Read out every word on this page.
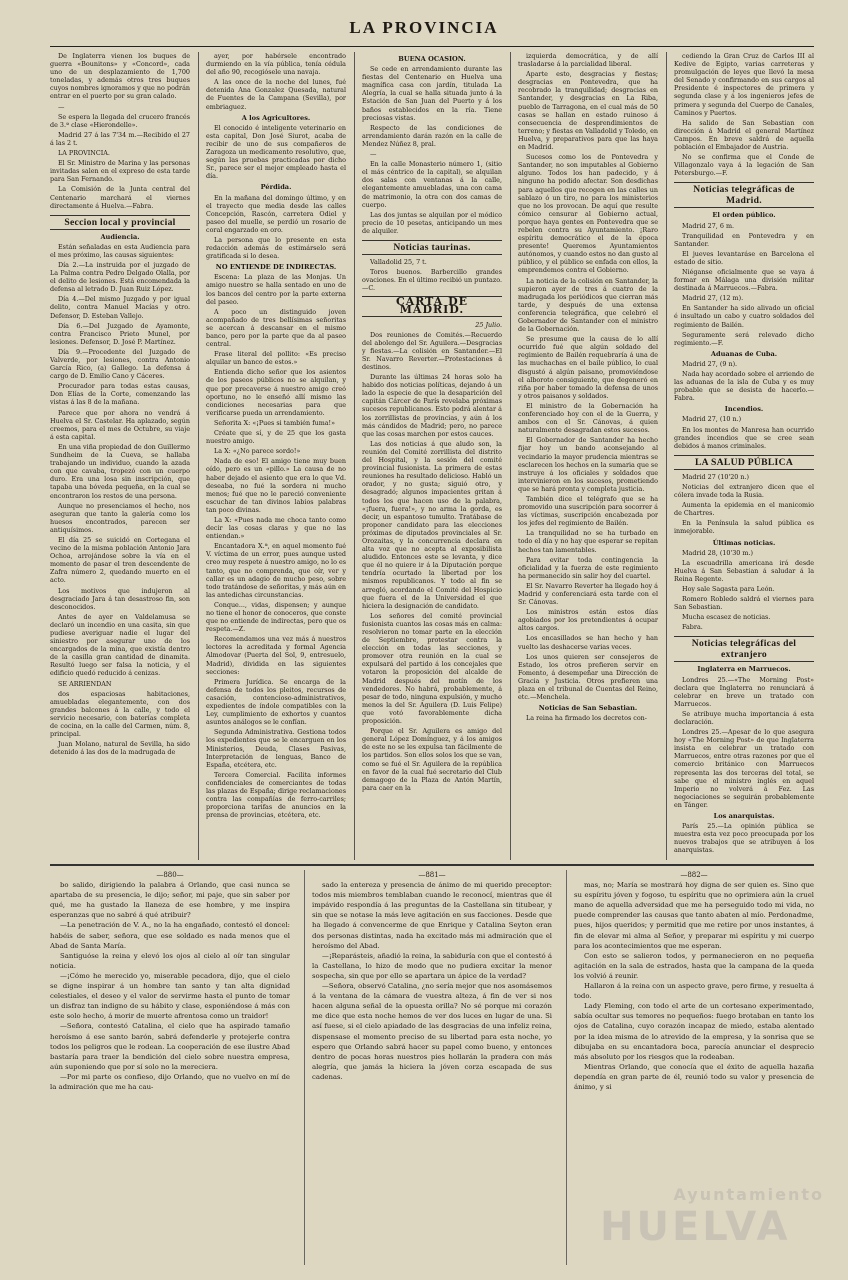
LA PROVINCIA

De Inglaterra vienen los buques de guerra «Bounitons» y «Concord», cada uno de un desplazamiento de 1,700 toneladas, y además otros tres buques cuyos nombres ignoramos y que no podrán entrar en el puerto por su gran calado.

—

Se espera la llegada del crucero francés de 3.ª clase «Hierondelle».

Madrid 27 á las 7'34 m.—Recibido el 27 á las 2 t.

LA PROVINCIA.

El Sr. Ministro de Marina y las personas invitadas salen en el expreso de esta tarde para San Fernando.

La Comisión de la Junta central del Centenario marchará el viernes directamente á Huelva.—Fabra.

Seccion local y provincial
Audiencia.

Están señaladas en esta Audiencia para el mes próximo, las causas siguientes:

Día 2.—La instruida por el juzgado de La Palma contra Pedro Delgado Olalla, por el delito de lesiones. Está encomendada la defensa al letrado D. Juan Ruiz López.

Día 4.—Del mismo Juzgado y por igual delito, contra Manuel Macías y otro. Defensor, D. Esteban Vallejo.

Día 6.—Del Juzgado de Ayamonte, contra Francisco Prieto Munel, por lesiones. Defensor, D. José P. Martínez.

Día 9.—Procedente del Juzgado de Valverde, por lesiones, contra Antonio García Rico, (a) Gallego. La defensa á cargo de D. Emilio Cano y Cáceres.

Procurador para todas estas causas, Don Elías de la Corte, comenzando las vistas á las 8 de la mañana.

Parece que por ahora no vendrá á Huelva el Sr. Castelar. Ha aplazado, según creemos, para el mes de Octubre, su viaje á esta capital.

En una viña propiedad de don Guillermo Sundheim de la Cueva, se hallaba trabajando un individuo, cuando la azada con que cavaba, tropezó con un cuerpo duro. Era una losa sin inscripción, que tapaba una bóveda pequeña, en la cual se encontraron los restos de una persona.

Aunque no presenciamos el hecho, nos aseguran que tanto la galería como los huesos encontrados, parecen ser antiquísimos.

El día 25 se suicidó en Cortegana el vecino de la misma población Antonio Jara Ochoa, arrojándose sobre la vía en el momento de pasar el tren descendente de Zafra número 2, quedando muerto en el acto.

Los motivos que indujeron al desgraciado Jara á tan desastroso fin, son desconocidos.

Antes de ayer en Valdelamusa se declaró un incendio en una casita, sin que pudiese averiguar nadie el lugar del siniestro por asegurar uno de los encargados de la mina, que existía dentro de la casilla gran cantidad de dinamita. Resultó luego ser falsa la noticia, y el edificio quedó reducido á cenizas.

SE ARRIENDAN

dos espaciosas habitaciones, amuebladas elegantemente, con dos grandes balcones á la calle, y todo el servicio necesario, con baterías completa de cocina, en la calle del Carmen, núm. 8, principal.

Juan Molano, natural de Sevilla, ha sido detenido á las dos de la madrugada de

ayer, por habérsele encontrado durmiendo en la vía pública, tenía cédula del año 90, recogiósele una navaja.

A las once de la noche del lunes, fué detenida Ana Gonzalez Quesada, natural de Fuentes de la Campana (Sevilla), por embriaguez.

A los Agricultores.

El conocido é inteligente veterinario en esta capital, Don José Siurot, acaba de recibir de uno de sus compañeros de Zaragoza un medicamento resolutivo, que, según las pruebas practicadas por dicho Sr., parece ser el mejor empleado hasta el día.

Pérdida.

En la mañana del domingo último, y en el trayecto que media desde las calles Concepción, Rascón, carretera Odiel y paseo del muelle, se perdió un rosario de coral engarzado en oro.

La persona que lo presente en esta redacción además de estimárselo será gratificada si lo desea.

NO ENTIENDE DE INDIRECTAS.

Escena: La plaza de las Monjas. Un amigo nuestro se halla sentado en uno de los bancos del centro por la parte externa del paseo.

A poco un distinguido joven acompañado de tres bellísimas señoritas se acercan á descansar en el mismo banco, pero por la parte que da al paseo central.

Frase literal del pollito: «Es preciso alquilar un banco de estos.»

Entienda dicho señor que los asientos de los paseos públicos no se alquilan, y que por precaverse á nuestro amigo creó oportuno, no le enseñó allí mismo las condiciones necesarias para que verificarse pueda un arrendamiento.

Señorita X: «¡Pues si también fuma!»

Créate que sí, y de 25 que los gasta nuestro amigo.

La X: «¿No parece sordo!»

Nada de eso! El amigo tiene muy buen oído, pero es un «pillo.» La causa de no haber dejado el asiento que era lo que Vd. deseaba, no fué la sordera ni mucho menos; fué que no le pareció conveniente escuchar de tan divinos labios palabras tan poco divinas.

La X: «Pues nada me choca tanto como decir las cosas claras y que no las entiendan.»

Encantadora X.ª, en aquel momento fué V. víctima de un error, pues aunque usted creo muy respete á nuestro amigo, no lo es tanto, que no comprenda, que oír, ver y callar es un adagio de mucho peso, sobre todo tratándose de señoritas, y más aún en las antedichas circunstancias.

Conque..., vidas, dispensen; y aunque no tiene el honor de conoceros, que conste que no entiende de indirectas, pero que os respeta.—Z.

Recomendamos una vez más á nuestros lectores la acreditada y formal Agencia Almodovar (Puerta del Sol, 9, entresuelo, Madrid), dividida en las siguientes secciones:

Primera Jurídica. Se encarga de la defensa de todos los pleitos, recursos de casación, contencioso-administrativos, expedientes de índole compatibles con la Ley, cumplimiento de exhortos y cuantos asuntos análogos se le confían.

Segunda Administrativa. Gestiona todos los expedientes que se le encarguen en los Ministerios, Deuda, Clases Pasivas, Interpretación de lenguas, Banco de España, etcétera, etc.

Tercera Comercial. Facilita informes confidenciales de comerciantes de todas las plazas de España; dirige reclamaciones contra las compañías de ferro-carriles; proporciona tarifas de anuncios en la prensa de provincias, etcétera, etc.

BUENA OCASION.

Se cede en arrendamiento durante las fiestas del Centenario en Huelva una magnífica casa con jardín, titulada La Alegría, la cual se halla situada junto á la Estación de San Juan del Puerto y á los baños establecidos en la ría. Tiene preciosas vistas.

Respecto de las condiciones de arrendamiento darán razón en la calle de Mendez Núñez 8, pral.

—

En la calle Monasterio número 1, (sitio el más céntrico de la capital), se alquilan dos salas con ventanas á la calle, elegantemente amuebladas, una con cama de matrimonio, la otra con dos camas de cuerpo.

Las dos juntas se alquilan por el módico precio de 10 pesetas, anticipando un mes de alquiler.

Noticias taurinas.

Valladolid 25, 7 t.

Toros buenos. Barbercillo grandes ovaciones. En el último recibió un puntazo.—C.

CARTA DE MADRID.

25 Julio.

Dos reuniones de Comités.—Recuerdo del abolengo del Sr. Aguilera.—Desgracias y fiestas.—La colisión en Santander.—El Sr. Navarro Reverter.—Protestaciones á destinos.

Durante las últimas 24 horas solo ha habido dos noticias políticas, dejando á un lado la especie de que la desaparición del capitán Cárcer de París revelaba próximas sucesos republicanos. Esto podrá alentar á los zorrillistas de provincias, y aún á los más cándidos de Madrid; pero, no parece que las cosas marchen por estos cauces.

Las dos noticias á que aludo son, la reunión del Comité zorrillista del distrito del Hospital, y la sesión del comité provincial fusionista. La primera de estas reuniones ha resultado delicioso. Habló un orador, y no gusta; siguió otro, y desagradó; algunos impacientes gritan á todos los que hacen uso de la palabra, «¡fuera, fuera!», y no arma la gorda, es decir, un espantoso tumulto. Tratábase de proponer candidato para las elecciones próximas de diputados provinciales al Sr. Orozaitas, y la concurrencia declara en alta voz que no acepta al exposibilista aludido. Entonces este se levanta, y dice que él no quiere ir á la Diputación porque tendría ocurtado la libertad por los mismos republicanos. Y todo al fin se arregló, acordando el Comité del Hospicio que fuera el de la Universidad el que hiciera la designación de candidato.

Los señores del comité provincial fusionista cuantos las cosas más en calma: resolvieron no tomar parte en la elección de Septiembre, protestar contra la elección en todas las secciones, y promover otra reunión en la cual se expulsará del partido á los concejales que votaron la proposición del alcalde de Madrid después del motín de los vendedores. No habrá, probablemente, á pesar de todo, ninguna expulsión, y mucho menos la del Sr. Aguilera (D. Luis Felipe) que votó favorablemente dicha proposición.

Porque el Sr. Aguilera es amigo del general López Domínguez, y á los amigos de este no se les expulsa tan fácilmente de los partidos. Son ellos solos los que se van, como se fué el Sr. Aguilera de la república en favor de la cual fué secretario del Club demagogo de la Plaza de Antón Martín, para caer en la

izquierda democrática, y de allí trasladarse á la parcialidad liberal.

Aparte esto, desgracias y fiestas; desgracias en Pontevedra, que ha recobrado la tranquilidad; desgracias en Santander, y desgracias en La Riba, pueblo de Tarragona, en el cual más de 50 casas se hallan en estado ruinoso á consecuencia de desprendimientos de terreno; y fiestas en Valladolid y Toledo, en Huelva, y preparativos para que las haya en Madrid.

Sucesos como los de Pontevedra y Santander, no son imputables al Gobierno alguno. Todos los han padecido, y á ninguno ha podido afectar. Son desdichas para aquellos que recogen en las calles un sablazo ó un tiro, no para los ministerios que no los provocan. De aquí que resulte cómico censurar al Gobierno actual, porque haya gentes en Pontevedra que se rebelen contra su Ayuntamiento. ¡Raro espíritu democrático el de la época presente! Queremos Ayuntamientos autónomos, y cuando estos no dan gusto al público, y el público se enfada con ellos, la emprendemos contra el Gobierno.

La noticia de la colisión en Santander, la supieron ayer de tres á cuatro de la madrugada los periódicos que cierran más tarde, y después de una extensa conferencia telegráfica, que celebró el Gobernador de Santander con el ministro de la Gobernación.

Se presume que la causa de lo allí ocurrido fué que algún soldado del regimiento de Bailén requebraría á una de las muchachas en el baile público, lo cual disgustó á algún paisano, promoviéndose el alboroto consiguiente, que degeneró en riña por haber tomado la defensa de unos y otros paisanos y soldados.

El ministro de la Gobernación ha conferenciado hoy con el de la Guerra, y ambos con el Sr. Cánovas, á quien naturalmente desagradan estos sucesos.

El Gobernador de Santander ha hecho fijar hoy un bando aconsejando al vecindario la mayor prudencia mientras se esclarecen los hechos en la sumaria que se instruye á los oficiales y soldados que intervinieron en los sucesos, prometiendo que se hará pronta y completa justicia.

También dice el telégrafo que se ha promovido una suscripción para socorrer á las víctimas, suscripción encabezada por los jefes del regimiento de Bailén.

La tranquilidad no se ha turbado en todo el día y no hay que esperar se repitan hechos tan lamentables.

Para evitar toda contingencia la oficialidad y la fuerza de este regimiento ha permanecido sin salir hoy del cuartel.

El Sr. Navarro Reverter ha llegado hoy á Madrid y conferenciará esta tarde con el Sr. Cánovas.

Los ministros están estos días agobiados por los pretendientes á ocupar altos cargos.

Los encasillados se han hecho y han vuelto las deshacerse varias veces.

Los unos quieren ser consejeros de Estado, los otros prefieren servir en Fomento, á desempeñar una Dirección de Gracia y Justicia. Otros prefieren una plaza en el tribunal de Cuentas del Reino, etc.—Menchela.

Noticias de San Sebastian.

La reina ha firmado los decretos con-

cediendo la Gran Cruz de Carlos III al Kedive de Egipto, varias carreteras y promulgación de leyes que llevó la mesa del Senado y confirmando en sus cargos al Presidente é inspectores de primera y segunda clase y á los ingenieros jefes de primera y segunda del Cuerpo de Canales, Caminos y Puertos.

Ha salido de San Sebastian con dirección á Madrid el general Martínez Campos. En breve saldrá de aquella población el Embajador de Austria.

No se confirma que el Conde de Villagonzalo vaya á la legación de San Petersburgo.—F.

Noticias telegráficas de Madrid.
El orden público.

Madrid 27, 6 m.

Tranquilidad en Pontevedra y en Santander.

El jueves levantaráse en Barcelona el estado de sitio.

Niéganse oficialmente que se vaya á formar en Málaga una división militar destinada á Marruecos.—Fabra.

Madrid 27, (12 m).

En Santander ha sido alivado un oficial é insultado un cabo y cuatro soldados del regimiento de Bailén.

Seguramente será relevado dicho regimiento.—F.

Aduanas de Cuba.

Madrid 27, (9 n).

Nada hay acordado sobre el arriendo de las aduanas de la isla de Cuba y es muy probable que se desista de hacerlo.—Fabra.

Incendios.

Madrid 27, (10 n.)

En los montes de Manresa han ocurrido grandes incendios que se cree sean debidos á manos criminales.

LA SALUD PÚBLICA

Madrid 27 (10'20 n.)

Noticias del extranjero dicen que el cólera invade toda la Rusia.

Aumenta la epidemia en el manicomio de Chartres.

En la Península la salud pública es inmejorable.

Últimas noticias.

Madrid 28, (10'30 m.)

La escuadrilla americana irá desde Huelva á San Sebastian á saludar á la Reina Regente.

Hoy sale Sagasta para León.

Romero Robledo saldrá el viernes para San Sebastian.

Mucha escasez de noticias.

Fabra.

Noticias telegráficas del extranjero
Inglaterra en Marruecos.

Londres 25.—«The Morning Post» declara que Inglaterra no renunciará á celebrar en breve un tratado con Marruecos.

Se atribuye mucha importancia á esta declaración.

Londres 25.—Apesar de lo que asegura hoy «The Morning Post» de que Inglaterra insista en celebrar un tratado con Marruecos, entre otras razones por que el comercio británico con Marruecos representa las dos terceras del total, se sabe que el ministro inglés en aquel Imperio no volverá á Fez. Las negociaciones se seguirán probablemente en Tánger.

Los anarquistas.

París 25.—La opinión pública se muestra esta vez poco preocupada por los nuevos trabajos que se atribuyen á los anarquistas.

—880—

bo salido, dirigiendo la palabra á Orlando, que casi nunca se apartaba de su presencia, le dijo; señor, mi paje, que sin saber por qué, me ha gustado la llaneza de ese hombre, y me inspira esperanzas que no sabré á qué atribuir?

—La penetración de V. A., no la ha engañado, contestó el doncel: habéis de saber, señora, que ese soldado es nada menos que el Abad de Santa María.

Santiguóse la reina y elevó los ojos al cielo al oír tan singular noticia.

—¡Cómo he merecido yo, miserable pecadora, dijo, que el cielo se digne inspirar á un hombre tan santo y tan alta dignidad celestiales, el deseo y el valor de servirme hasta el punto de tomar un disfraz tan indigno de su hábito y clase, esponiéndose á más con este solo hecho, á morir de muerte afrentosa como un traidor!

—Señora, contestó Catalina, el cielo que ha aspirado tamaño heroísmo á ese santo barón, sabrá defenderle y protejerle contra todos los peligros que le rodean. La cooperación de ese ilustre Abad bastaría para traer la bendición del cielo sobre nuestra empresa, aún suponiendo que por sí solo no la mereciera.

—Por mi parte os confieso, dijo Orlando, que no vuelvo en mí de la admiración que me ha cau-

—881—

sado la entereza y presencia de ánimo de mi querido preceptor: todos mis miembros temblaban cuando le reconocí, mientras que él impávido respondía á las preguntas de la Castellana sin titubear, y sin que se notase la más leve agitación en sus facciones. Desde que ha llegado á convencerme de que Enrique y Catalina Seyton eran dos personas distintas, nada ha excitado más mi admiración que el heroísmo del Abad.

—¡Reparásteis, añadió la reina, la sabiduría con que el contestó á la Castellana, lo hizo de modo que no pudiera excitar la menor sospecha, sin que por ello se apartara un ápice de la verdad?

—Señora, observó Catalina, ¿no sería mejor que nos asomásemos á la ventana de la cámara de vuestra alteza, á fin de ver si nos hacen alguna señal de la opuesta orilla? No sé porque mi corazón me dice que esta noche hemos de ver dos luces en lugar de una. Si así fuese, si el cielo apiadado de las desgracias de una infeliz reina, dispensase el momento preciso de su libertad para esta noche, yo espero que Orlando sabrá hacer su papel como bueno, y entonces dentro de pocas horas nuestros pies hollarán la pradera con más alegría, que jamás la hiciera la jóven corza escapada de sus cadenas.

—882—

mas, no; María se mostrará hoy digna de ser quien es. Sino que su espíritu jóven y fogoso, tu espíritu que no oprimiera aún la cruel mano de aquella adversidad que me ha perseguido todo mi vida, no puede comprender las causas que tanto abaten al mío. Perdonadme, pues, hijos queridos; y permitid que me retire por unos instantes, á fin de elevar mi alma al Señor, y preparar mi espíritu y mi cuerpo para los acontecimientos que me esperan.

Con esto se salieron todos, y permanecieron en no pequeña agitación en la sala de estrados, hasta que la campana de la queda los volvió á reunir.

Hallaron á la reina con un aspecto grave, pero firme, y resuelta á todo.

Lady Fleming, con todo el arte de un cortesano experimentado, sabía ocultar sus temores no pequeños: fuego brotaban en tanto los ojos de Catalina, cuyo corazón incapaz de miedo, estaba alentado por la idea misma de lo atrevido de la empresa, y la sonrisa que se dibujaba en su encantadora boca, parecía anunciar el desprecio más absoluto por los riesgos que la rodeaban.

Mientras Orlando, que conocía que el éxito de aquella hazaña dependía en gran parte de él, reunió todo su valor y presencia de ánimo, y si

Ayuntamiento
HUELVA
